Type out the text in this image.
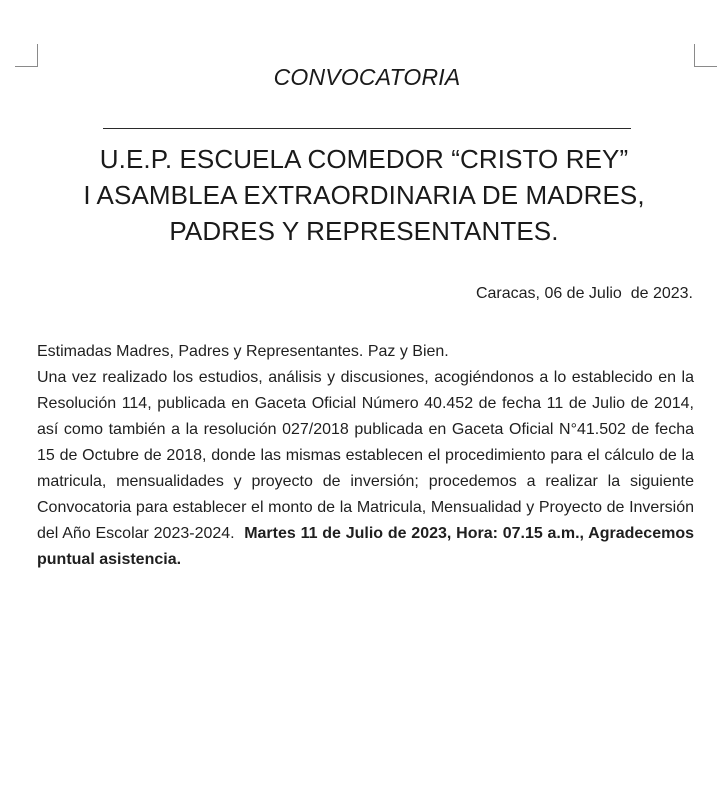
CONVOCATORIA
U.E.P. ESCUELA COMEDOR “CRISTO REY”
I ASAMBLEA EXTRAORDINARIA DE MADRES,
PADRES Y REPRESENTANTES.
Caracas, 06 de Julio  de 2023.

Estimadas Madres, Padres y Representantes. Paz y Bien.

Una vez realizado los estudios, análisis y discusiones, acogiéndonos a lo establecido en la Resolución 114, publicada en Gaceta Oficial Número 40.452 de fecha 11 de Julio de 2014, así como también a la resolución 027/2018 publicada en Gaceta Oficial N°41.502 de fecha 15 de Octubre de 2018, donde las mismas establecen el procedimiento para el cálculo de la matricula, mensualidades y proyecto de inversión; procedemos a realizar la siguiente Convocatoria para establecer el monto de la Matricula, Mensualidad y Proyecto de Inversión del Año Escolar 2023-2024. Martes 11 de Julio de 2023, Hora: 07.15 a.m., Agradecemos puntual asistencia.
